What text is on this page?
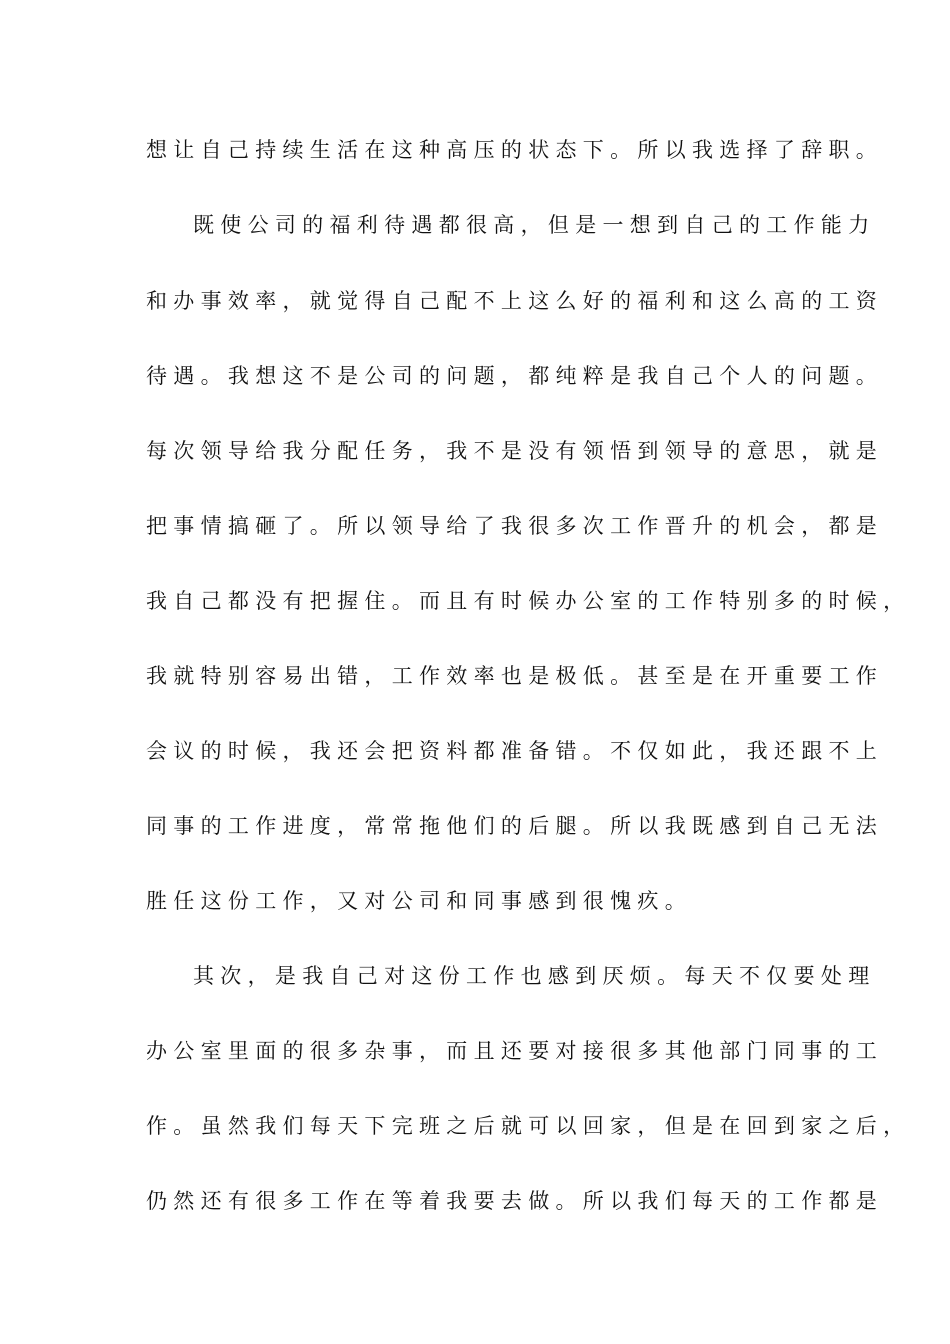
想让自己持续生活在这种高压的状态下。所以我选择了辞职。
既使公司的福利待遇都很高，但是一想到自己的工作能力
和办事效率，就觉得自己配不上这么好的福利和这么高的工资
待遇。我想这不是公司的问题，都纯粹是我自己个人的问题。
每次领导给我分配任务，我不是没有领悟到领导的意思，就是
把事情搞砸了。所以领导给了我很多次工作晋升的机会，都是
我自己都没有把握住。而且有时候办公室的工作特别多的时候，
我就特别容易出错，工作效率也是极低。甚至是在开重要工作
会议的时候，我还会把资料都准备错。不仅如此，我还跟不上
同事的工作进度，常常拖他们的后腿。所以我既感到自己无法
胜任这份工作，又对公司和同事感到很愧疚。
其次，是我自己对这份工作也感到厌烦。每天不仅要处理
办公室里面的很多杂事，而且还要对接很多其他部门同事的工
作。虽然我们每天下完班之后就可以回家，但是在回到家之后，
仍然还有很多工作在等着我要去做。所以我们每天的工作都是
